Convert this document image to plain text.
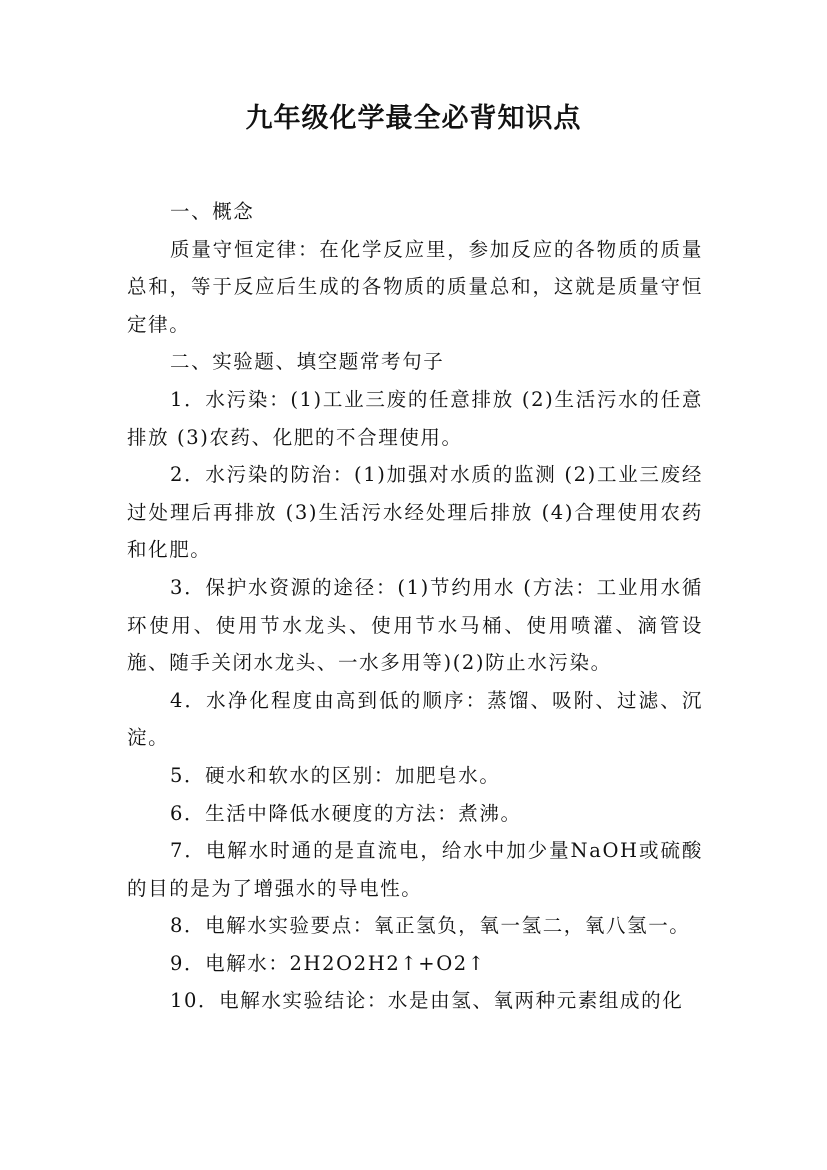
九年级化学最全必背知识点

一、概念

质量守恒定律：在化学反应里，参加反应的各物质的质量总和，等于反应后生成的各物质的质量总和，这就是质量守恒定律。

二、实验题、填空题常考句子

1．水污染：(1)工业三废的任意排放 (2)生活污水的任意排放 (3)农药、化肥的不合理使用。

2．水污染的防治：(1)加强对水质的监测 (2)工业三废经过处理后再排放 (3)生活污水经处理后排放 (4)合理使用农药和化肥。

3．保护水资源的途径：(1)节约用水 (方法：工业用水循环使用、使用节水龙头、使用节水马桶、使用喷灌、滴管设施、随手关闭水龙头、一水多用等)(2)防止水污染。

4．水净化程度由高到低的顺序：蒸馏、吸附、过滤、沉淀。

5．硬水和软水的区别：加肥皂水。

6．生活中降低水硬度的方法：煮沸。

7．电解水时通的是直流电，给水中加少量NaOH或硫酸的目的是为了增强水的导电性。

8．电解水实验要点：氧正氢负，氧一氢二，氧八氢一。

9．电解水：2H2O2H2↑+O2↑

10．电解水实验结论：水是由氢、氧两种元素组成的化
